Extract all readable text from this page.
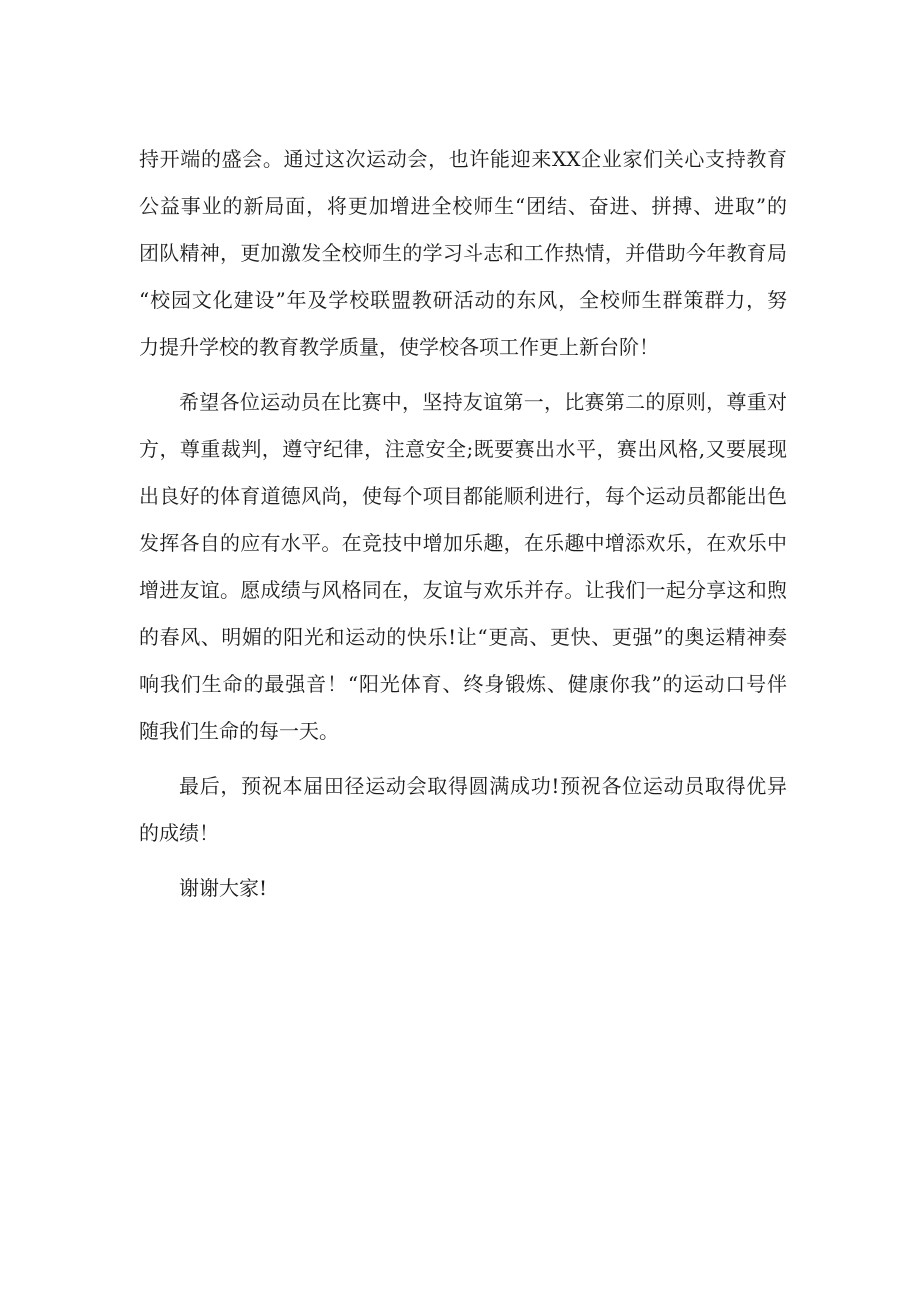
持开端的盛会。通过这次运动会，也许能迎来XX企业家们关心支持教育
公益事业的新局面，将更加增进全校师生“团结、奋进、拼搏、进取”的
团队精神，更加激发全校师生的学习斗志和工作热情，并借助今年教育局
“校园文化建设”年及学校联盟教研活动的东风，全校师生群策群力，努
力提升学校的教育教学质量，使学校各项工作更上新台阶！
希望各位运动员在比赛中，坚持友谊第一，比赛第二的原则，尊重对
方，尊重裁判，遵守纪律，注意安全;既要赛出水平，赛出风格,又要展现
出良好的体育道德风尚，使每个项目都能顺利进行，每个运动员都能出色
发挥各自的应有水平。在竞技中增加乐趣，在乐趣中增添欢乐，在欢乐中
增进友谊。愿成绩与风格同在，友谊与欢乐并存。让我们一起分享这和煦
的春风、明媚的阳光和运动的快乐!让“更高、更快、更强”的奥运精神奏
响我们生命的最强音！“阳光体育、终身锻炼、健康你我”的运动口号伴
随我们生命的每一天。
最后，预祝本届田径运动会取得圆满成功!预祝各位运动员取得优异
的成绩！
谢谢大家!
